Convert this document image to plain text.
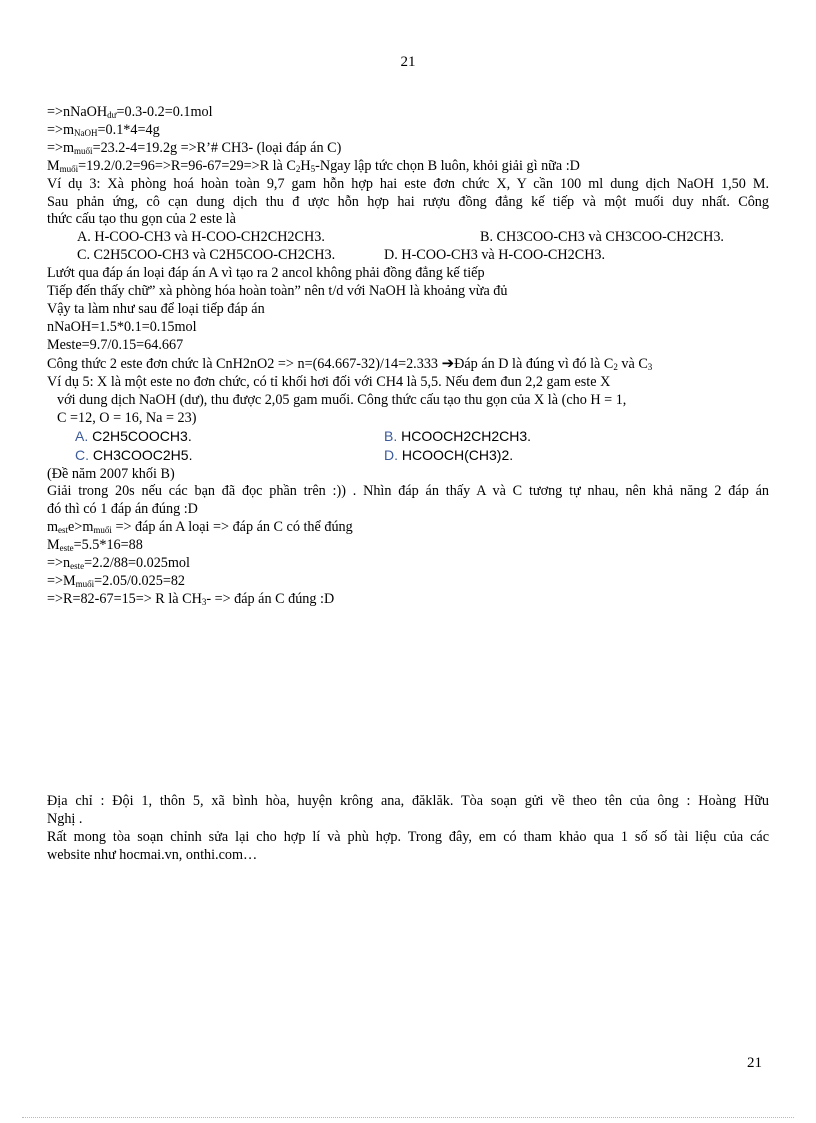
21
=>nNaOH$_{dư}$=0.3-0.2=0.1mol
$=>m_{NaOH}=0.1*4=4g$
$=>m_{muối}=23.2-4=19.2g$ =>R’# CH3- (loại đáp án C)
$M_{muối}=19.2/0.2=96=>R=96-67=29=>R$ là $C_2H_5$-Ngay lập tức chọn B luôn, khỏi giải gì nữa :D
Ví dụ 3: Xà phòng hoá hoàn toàn 9,7 gam hỗn hợp hai este đơn chức X, Y cần 100 ml dung dịch NaOH 1,50 M.
Sau phản ứng, cô cạn dung dịch thu đ ược hỗn hợp hai rượu đồng đẳng kế tiếp và một muối duy nhất. Công
thức cấu tạo thu gọn của 2 este là
A. H-COO-CH3 và H-COO-CH2CH2CH3.	B. CH3COO-CH3 và CH3COO-CH2CH3.
C. C2H5COO-CH3 và C2H5COO-CH2CH3.	D. H-COO-CH3 và H-COO-CH2CH3.
Lướt qua đáp án loại đáp án A vì tạo ra 2 ancol không phải đồng đẳng kế tiếp
Tiếp đến thấy chữ” xà phòng hóa hoàn toàn” nên t/d với NaOH là khoảng vừa đủ
Vậy ta làm như sau để loại tiếp đáp án
nNaOH=1.5*0.1=0.15mol
Meste=9.7/0.15=64.667
Công thức 2 este đơn chức là CnH2nO2 => n=(64.667-32)/14=2.333 ➔Đáp án D là đúng vì đó là $C_2$ và $C_3$
Ví dụ 5: X là một este no đơn chức, có tỉ khối hơi đối với CH4 là 5,5. Nếu đem đun 2,2 gam este X
với dung dịch NaOH (dư), thu được 2,05 gam muối. Công thức cấu tạo thu gọn của X là (cho H = 1,
C =12, O = 16, Na = 23)
A. C2H5COOCH3.	B. HCOOCH2CH2CH3.
C. CH3COOC2H5.	D. HCOOCH(CH3)2.
(Đề năm 2007 khối B)
Giải trong 20s nếu các bạn đã đọc phần trên :)) . Nhìn đáp án thấy A và C tương tự nhau, nên khả năng 2 đáp án
đó thì có 1 đáp án đúng :D
$m_{est}e>m_{muối}$ => đáp án A loại => đáp án C có thể đúng
$M_{este}=5.5*16=88$
$=>n_{este}=2.2/88=0.025mol$
$=>M_{muối}=2.05/0.025=82$
=>R=82-67=15=> R là $CH_3-$ => đáp án C đúng :D
Địa chỉ : Đội 1, thôn 5, xã bình hòa, huyện krông ana, đăklăk. Tòa soạn gửi về theo tên của ông : Hoàng Hữu
Nghị .
Rất mong tòa soạn chỉnh sửa lại cho hợp lí và phù hợp. Trong đây, em có tham khảo qua 1 số số tài liệu của các
website như hocmai.vn, onthi.com…
21
